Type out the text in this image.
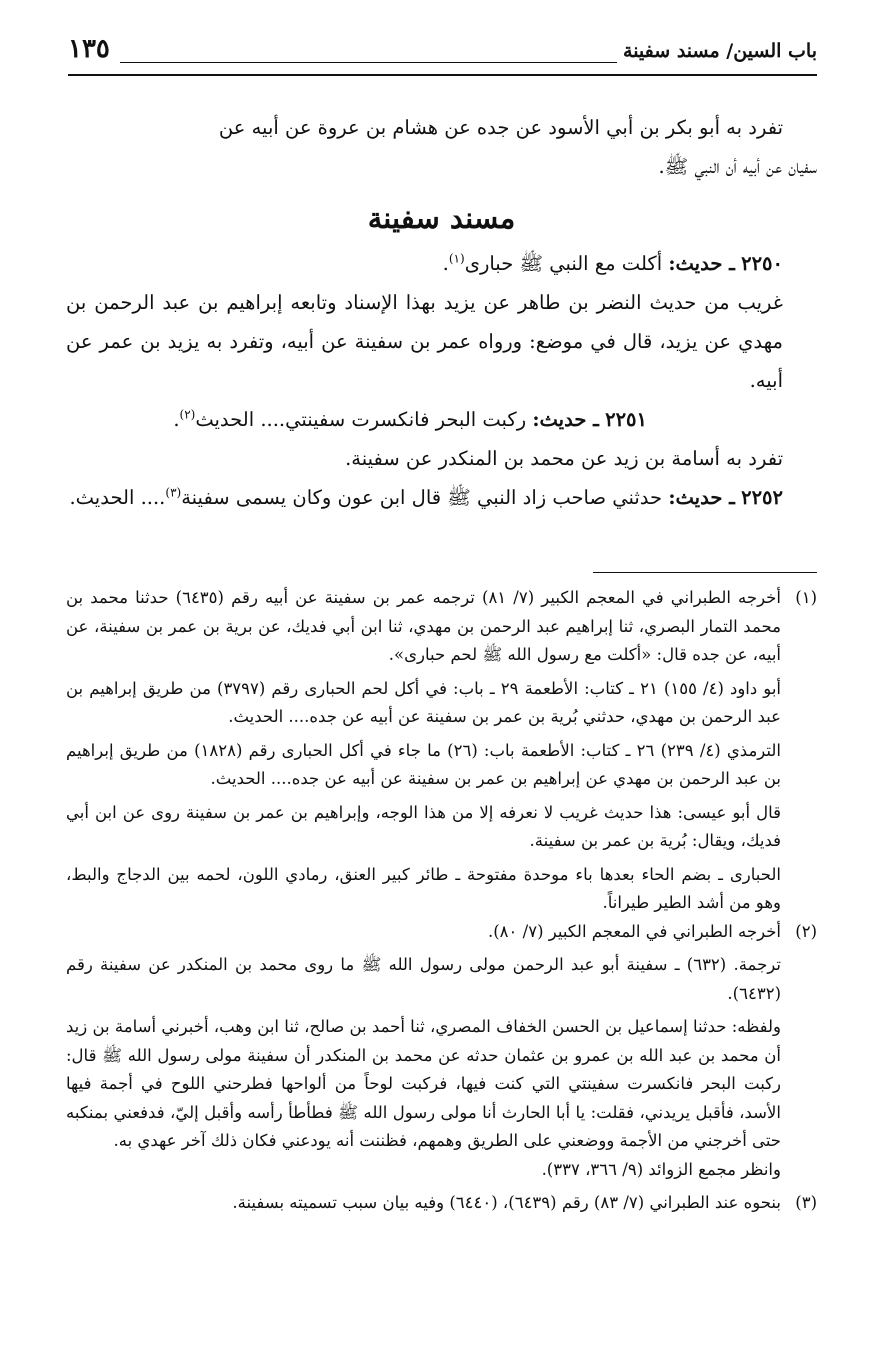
باب السين/ مسند سفينة
١٣٥

تفرد به أبو بكر بن أبي الأسود عن جده عن هشام بن عروة عن أبيه عن

سفيان عن أبيه أن النبي ﷺ.

مسند سفينة

٢٢٥٠ ـ حديث: أكلت مع النبي ﷺ حبارى$^{(١)}$.

غريب من حديث النضر بن طاهر عن يزيد بهذا الإسناد وتابعه إبراهيم بن عبد الرحمن بن مهدي عن يزيد، قال في موضع: ورواه عمر بن سفينة عن أبيه، وتفرد به يزيد بن عمر عن أبيه.

٢٢٥١ ـ حديث: ركبت البحر فانكسرت سفينتي.... الحديث$^{(٢)}$.

تفرد به أسامة بن زيد عن محمد بن المنكدر عن سفينة.

٢٢٥٢ ـ حديث: حدثني صاحب زاد النبي ﷺ قال ابن عون وكان يسمى سفينة$^{(٣)}$.... الحديث.

(١)

أخرجه الطبراني في المعجم الكبير (٧/ ٨١) ترجمه عمر بن سفينة عن أبيه رقم (٦٤٣٥) حدثنا محمد بن محمد التمار البصري، ثنا إبراهيم عبد الرحمن بن مهدي، ثنا ابن أبي فديك، عن برية بن عمر بن سفينة، عن أبيه، عن جده قال: «أكلت مع رسول الله ﷺ لحم حبارى».

أبو داود (٤/ ١٥٥) ٢١ ـ كتاب: الأطعمة ٢٩ ـ باب: في أكل لحم الحبارى رقم (٣٧٩٧) من طريق إبراهيم بن عبد الرحمن بن مهدي، حدثني بُرية بن عمر بن سفينة عن أبيه عن جده.... الحديث.

الترمذي (٤/ ٢٣٩) ٢٦ ـ كتاب: الأطعمة باب: (٢٦) ما جاء في أكل الحبارى رقم (١٨٢٨) من طريق إبراهيم بن عبد الرحمن بن مهدي عن إبراهيم بن عمر بن سفينة عن أبيه عن جده.... الحديث.

قال أبو عيسى: هذا حديث غريب لا نعرفه إلا من هذا الوجه، وإبراهيم بن عمر بن سفينة روى عن ابن أبي فديك، ويقال: بُرية بن عمر بن سفينة.

الحبارى ـ بضم الحاء بعدها باء موحدة مفتوحة ـ طائر كبير العنق، رمادي اللون، لحمه بين الدجاج والبط، وهو من أشد الطير طيراناً.

(٢)

أخرجه الطبراني في المعجم الكبير (٧/ ٨٠).

ترجمة. (٦٣٢) ـ سفينة أبو عبد الرحمن مولى رسول الله ﷺ ما روى محمد بن المنكدر عن سفينة رقم (٦٤٣٢).

ولفظه: حدثنا إسماعيل بن الحسن الخفاف المصري، ثنا أحمد بن صالح، ثنا ابن وهب، أخبرني أسامة بن زيد أن محمد بن عبد الله بن عمرو بن عثمان حدثه عن محمد بن المنكدر أن سفينة مولى رسول الله ﷺ قال: ركبت البحر فانكسرت سفينتي التي كنت فيها، فركبت لوحاً من ألواحها فطرحني اللوح في أجمة فيها الأسد، فأقبل يريدني، فقلت: يا أبا الحارث أنا مولى رسول الله ﷺ فطأطأ رأسه وأقبل إليّ، فدفعني بمنكبه حتى أخرجني من الأجمة ووضعني على الطريق وهمهم، فظننت أنه يودعني فكان ذلك آخر عهدي به.

وانظر مجمع الزوائد (٩/ ٣٦٦، ٣٣٧).

(٣)

بنحوه عند الطبراني (٧/ ٨٣) رقم (٦٤٣٩)، (٦٤٤٠) وفيه بيان سبب تسميته بسفينة.
